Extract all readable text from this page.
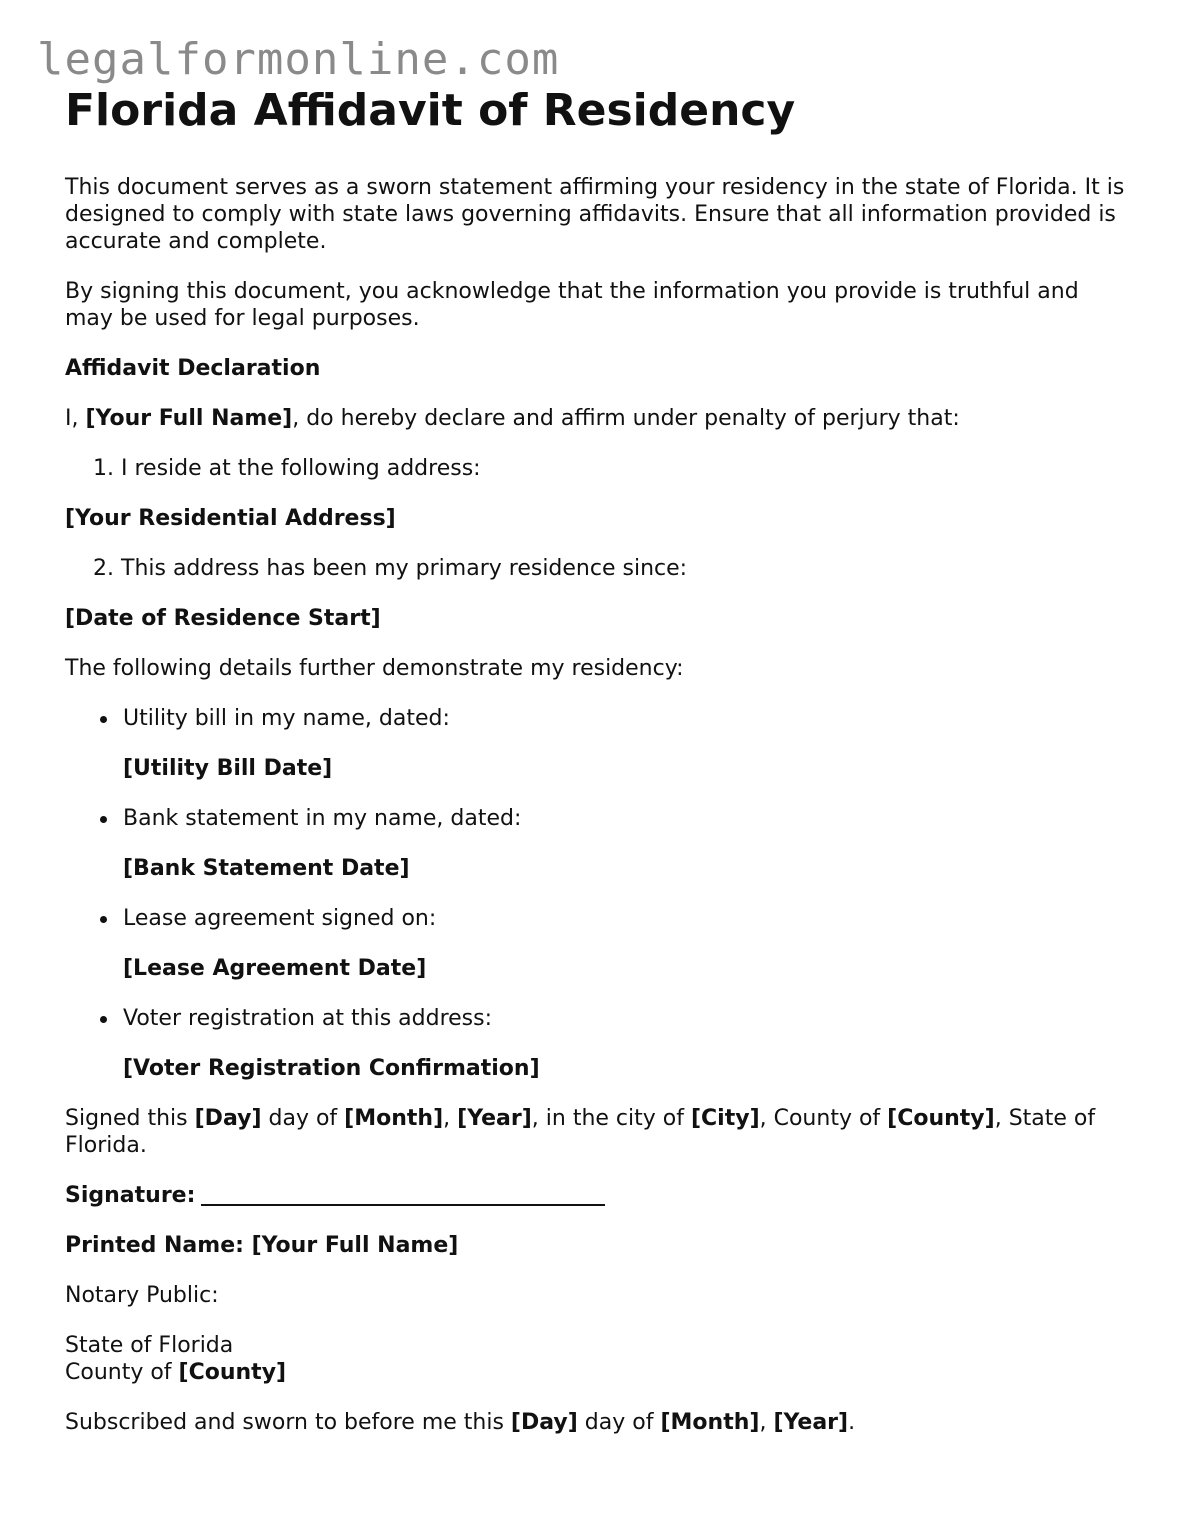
legalformonline.com
Florida Affidavit of Residency

This document serves as a sworn statement affirming your residency in the state of Florida. It is designed to comply with state laws governing affidavits. Ensure that all information provided is accurate and complete.

By signing this document, you acknowledge that the information you provide is truthful and may be used for legal purposes.

Affidavit Declaration

I, [Your Full Name], do hereby declare and affirm under penalty of perjury that:

1. I reside at the following address:

[Your Residential Address]

2. This address has been my primary residence since:

[Date of Residence Start]

The following details further demonstrate my residency:

Utility bill in my name, dated:

[Utility Bill Date]

Bank statement in my name, dated:

[Bank Statement Date]

Lease agreement signed on:

[Lease Agreement Date]

Voter registration at this address:

[Voter Registration Confirmation]

Signed this [Day] day of [Month], [Year], in the city of [City], County of [County], State of Florida.

Signature:

Printed Name: [Your Full Name]

Notary Public:

State of Florida
County of [County]

Subscribed and sworn to before me this [Day] day of [Month], [Year].
